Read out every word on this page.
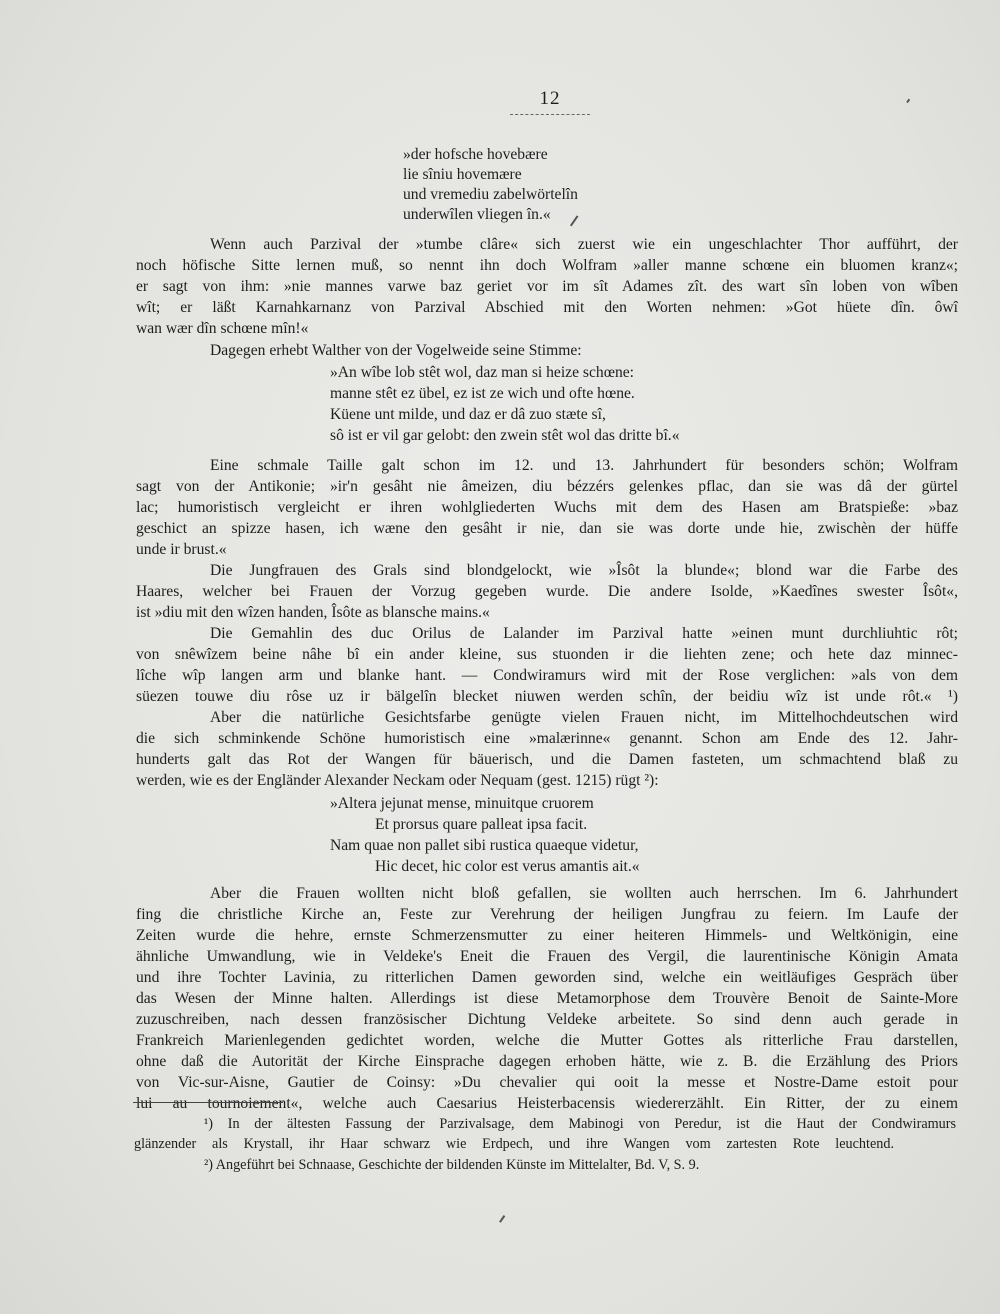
12
»der hofsche hovebære
lie sîniu hovemære
und vremediu zabelwörtelîn
underwîlen vliegen în.«
Wenn auch Parzival der »tumbe clâre« sich zuerst wie ein ungeschlachter Thor aufführt, der
noch höfische Sitte lernen muß, so nennt ihn doch Wolfram »aller manne schœne ein bluomen kranz«;
er sagt von ihm: »nie mannes varwe baz geriet vor im sît Adames zît. des wart sîn loben von wîben
wît; er läßt Karnahkarnanz von Parzival Abschied mit den Worten nehmen: »Got hüete dîn. ôwî
wan wær dîn schœne mîn!«
Dagegen erhebt Walther von der Vogelweide seine Stimme:
»An wîbe lob stêt wol, daz man si heize schœne:
manne stêt ez übel, ez ist ze wich und ofte hœne.
Küene unt milde, und daz er dâ zuo stæte sî,
sô ist er vil gar gelobt: den zwein stêt wol das dritte bî.«
Eine schmale Taille galt schon im 12. und 13. Jahrhundert für besonders schön; Wolfram
sagt von der Antikonie; »ir'n gesâht nie âmeizen, diu bézzérs gelenkes pflac, dan sie was dâ der gürtel
lac; humoristisch vergleicht er ihren wohlgliederten Wuchs mit dem des Hasen am Bratspieße: »baz
geschict an spizze hasen, ich wæne den gesâht ir nie, dan sie was dorte unde hie, zwischèn der hüffe
unde ir brust.«
Die Jungfrauen des Grals sind blondgelockt, wie »Îsôt la blunde«; blond war die Farbe des
Haares, welcher bei Frauen der Vorzug gegeben wurde. Die andere Isolde, »Kaedînes swester Îsôt«,
ist »diu mit den wîzen handen, Îsôte as blansche mains.«
Die Gemahlin des duc Orilus de Lalander im Parzival hatte »einen munt durchliuhtic rôt;
von snêwîzem beine nâhe bî ein ander kleine, sus stuonden ir die liehten zene; och hete daz minnec-
lîche wîp langen arm und blanke hant. — Condwiramurs wird mit der Rose verglichen: »als von dem
süezen touwe diu rôse uz ir bälgelîn blecket niuwen werden schîn, der beidiu wîz ist unde rôt.« ¹)
Aber die natürliche Gesichtsfarbe genügte vielen Frauen nicht, im Mittelhochdeutschen wird
die sich schminkende Schöne humoristisch eine »malærinne« genannt. Schon am Ende des 12. Jahr-
hunderts galt das Rot der Wangen für bäuerisch, und die Damen fasteten, um schmachtend blaß zu
werden, wie es der Engländer Alexander Neckam oder Nequam (gest. 1215) rügt ²):
»Altera jejunat mense, minuitque cruorem
Et prorsus quare palleat ipsa facit.
Nam quae non pallet sibi rustica quaeque videtur,
Hic decet, hic color est verus amantis ait.«
Aber die Frauen wollten nicht bloß gefallen, sie wollten auch herrschen. Im 6. Jahrhundert
fing die christliche Kirche an, Feste zur Verehrung der heiligen Jungfrau zu feiern. Im Laufe der
Zeiten wurde die hehre, ernste Schmerzensmutter zu einer heiteren Himmels- und Weltkönigin, eine
ähnliche Umwandlung, wie in Veldeke's Eneit die Frauen des Vergil, die laurentinische Königin Amata
und ihre Tochter Lavinia, zu ritterlichen Damen geworden sind, welche ein weitläufiges Gespräch über
das Wesen der Minne halten. Allerdings ist diese Metamorphose dem Trouvère Benoit de Sainte-More
zuzuschreiben, nach dessen französischer Dichtung Veldeke arbeitete. So sind denn auch gerade in
Frankreich Marienlegenden gedichtet worden, welche die Mutter Gottes als ritterliche Frau darstellen,
ohne daß die Autorität der Kirche Einsprache dagegen erhoben hätte, wie z. B. die Erzählung des Priors
von Vic-sur-Aisne, Gautier de Coinsy: »Du chevalier qui ooit la messe et Nostre-Dame estoit pour
lui au tournoiement«, welche auch Caesarius Heisterbacensis wiedererzählt. Ein Ritter, der zu einem
¹) In der ältesten Fassung der Parzivalsage, dem Mabinogi von Peredur, ist die Haut der Condwiramurs
glänzender als Krystall, ihr Haar schwarz wie Erdpech, und ihre Wangen vom zartesten Rote leuchtend.
²) Angeführt bei Schnaase, Geschichte der bildenden Künste im Mittelalter, Bd. V, S. 9.
